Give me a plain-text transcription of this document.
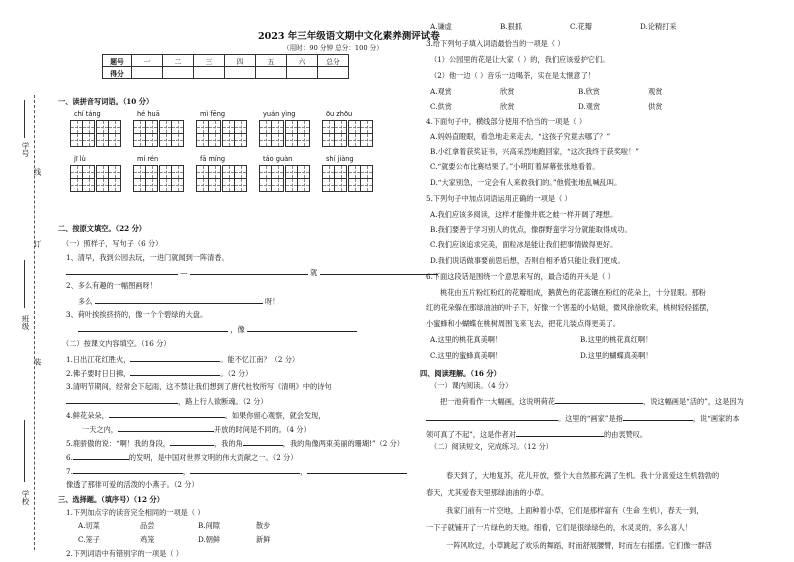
2023 年三年级语文期中文化素养测评试卷
（用时：90 分钟 总分：100 分）
题号	一	二	三	四	五	六	总分
得分							
学号
线
订
班级
装
学校
一、读拼音写词语。（10 分）
chí táng	hé huā	mì fēng	yuán yìng	ōu zhōu
jī lù	mí rén	fā míng	táo guàn	shí jiàng
二、按原文填空。（22 分）
（一）照样子，写句子（6 分）
1、清早，我到公园去玩，一进门就闻到一阵清香。
—	就
2、多么有趣的一幅图画呀！
多么	呀！
3、荷叶挨挨挤挤的，像一个个碧绿的大盘。
，像
（二）按课文内容填空。（16 分）
1.日出江花红胜火，	。能不忆江南？（2 分）
2.佛子要时日日拂，	。（2 分）
3.清明节期间，经常会下起雨，这不禁让我们想到了唐代杜牧所写《清明》中的诗句
，路上行人欲断魂。（2 分）
4.鲜花朵朵，	。如果你留心观察，就会发现，
一天之内，	开放的时间是不同的。（4 分）
5.鹿骄傲的说：“啊！我的身段，	，我的角	，我的角像两束美丽的珊瑚!”（2 分）
6.	的发明，是中国对世界文明的伟大贡献之一。（2 分）
7.	，	，
像透了那徘可爱的活泼的小燕子。（2 分）
三、选择题。（填序号）（12 分）
1.下列加点字的读音完全相同的一项是（ ）
A.切菜	品尝	B.间隙	散步
C.笼子	鸡笼	D.朝鲜	新鲜
2.下列词语中有错别字的一项是（ ）
A.谦虚	B.狠抓	C.花瓣	D.论精打采
3.给下列句子填入词语最恰当的一项是（ ）
（1）公园里的花是让大家（ ）的，我们应该爱护它们。
（2）他一边（ ）音乐一边喝茶，实在是太惬意了！
A.观赏	欣赏	B.欣赏	观赏
C.供赏	欣赏	D.观赏	供赏
4.下面句子中，横线部分使用不恰当的一项是（ ）
A.妈妈直瞪眼，看急地走来走去，“这孩子究竟去哪了？”
B.小红拿着获奖证书，兴高采烈地跑回家，“这次我终于获奖啦！”
C.“就要公布比赛结果了。”小明盯着屏幕张张地看着。
D.“大家别急，一定会有人来救我们的。”他慌张地乱喊乱叫。
5.下列句子中加点词语运用正确的一项是（ ）
A.我们应该多阅读，这样才能像井底之蛙一样开阔了理想。
B.我们要善于学习别人的优点，像群野蛮学习分就能取得成功。
C.我们应该追求完美，面粒冰是能让我们把事情做得更好。
D.我们说话做事要前思后想，否则自相矛盾只能让我们更成。
6.下面这段话是围绕一个意思来写的，最合适的开头是（ ）
桃花由五片粉红粉红的花瓣组成，鹅黄色的花蕊镶在粉红的花朵上，十分显眼。那粉
红的花朵躲在那绿油油的叶子下，好像一个害羞的小姑娘，微风徐徐吹来，桃树轻轻摇摆，
小蜜蜂和小蝴蝶在桃树周围飞来飞去，把花儿装点得更美了。
A.这里的桃花真美啊！	B.这里的桃花真红啊！
C.这里的蜜蜂真美啊！	D.这里的蝴蝶真美啊！
四、阅读理解。（16 分）
（一）课内阅读。（4 分）
把一池荷看作一大幅画，这说明荷花	，说这幅画是“活的”，这是因为
。这里的“画家”是指	，说“画家的本
领可真了不起”，这是作者对	的由衷赞叹。
（二）阅读短文，完成练习。（12 分）
春天到了，大地复苏，花儿开放，整个大自然都充满了生机。我十分喜爱这生机勃勃的
春天，尤其爱春天里那绿油油的小草。
我家门前有一片空地，上面种着小草，它们是那样富有（生命 生机），春天一到，
一下子就铺开了一片绿色的天地。细看，它们是很绿绿色的，水灵灵的，多么喜人！
一阵风吹过，小草跳起了欢乐的舞蹈，时而舒展腰臂，时而左右摇摆。它们像一群活
